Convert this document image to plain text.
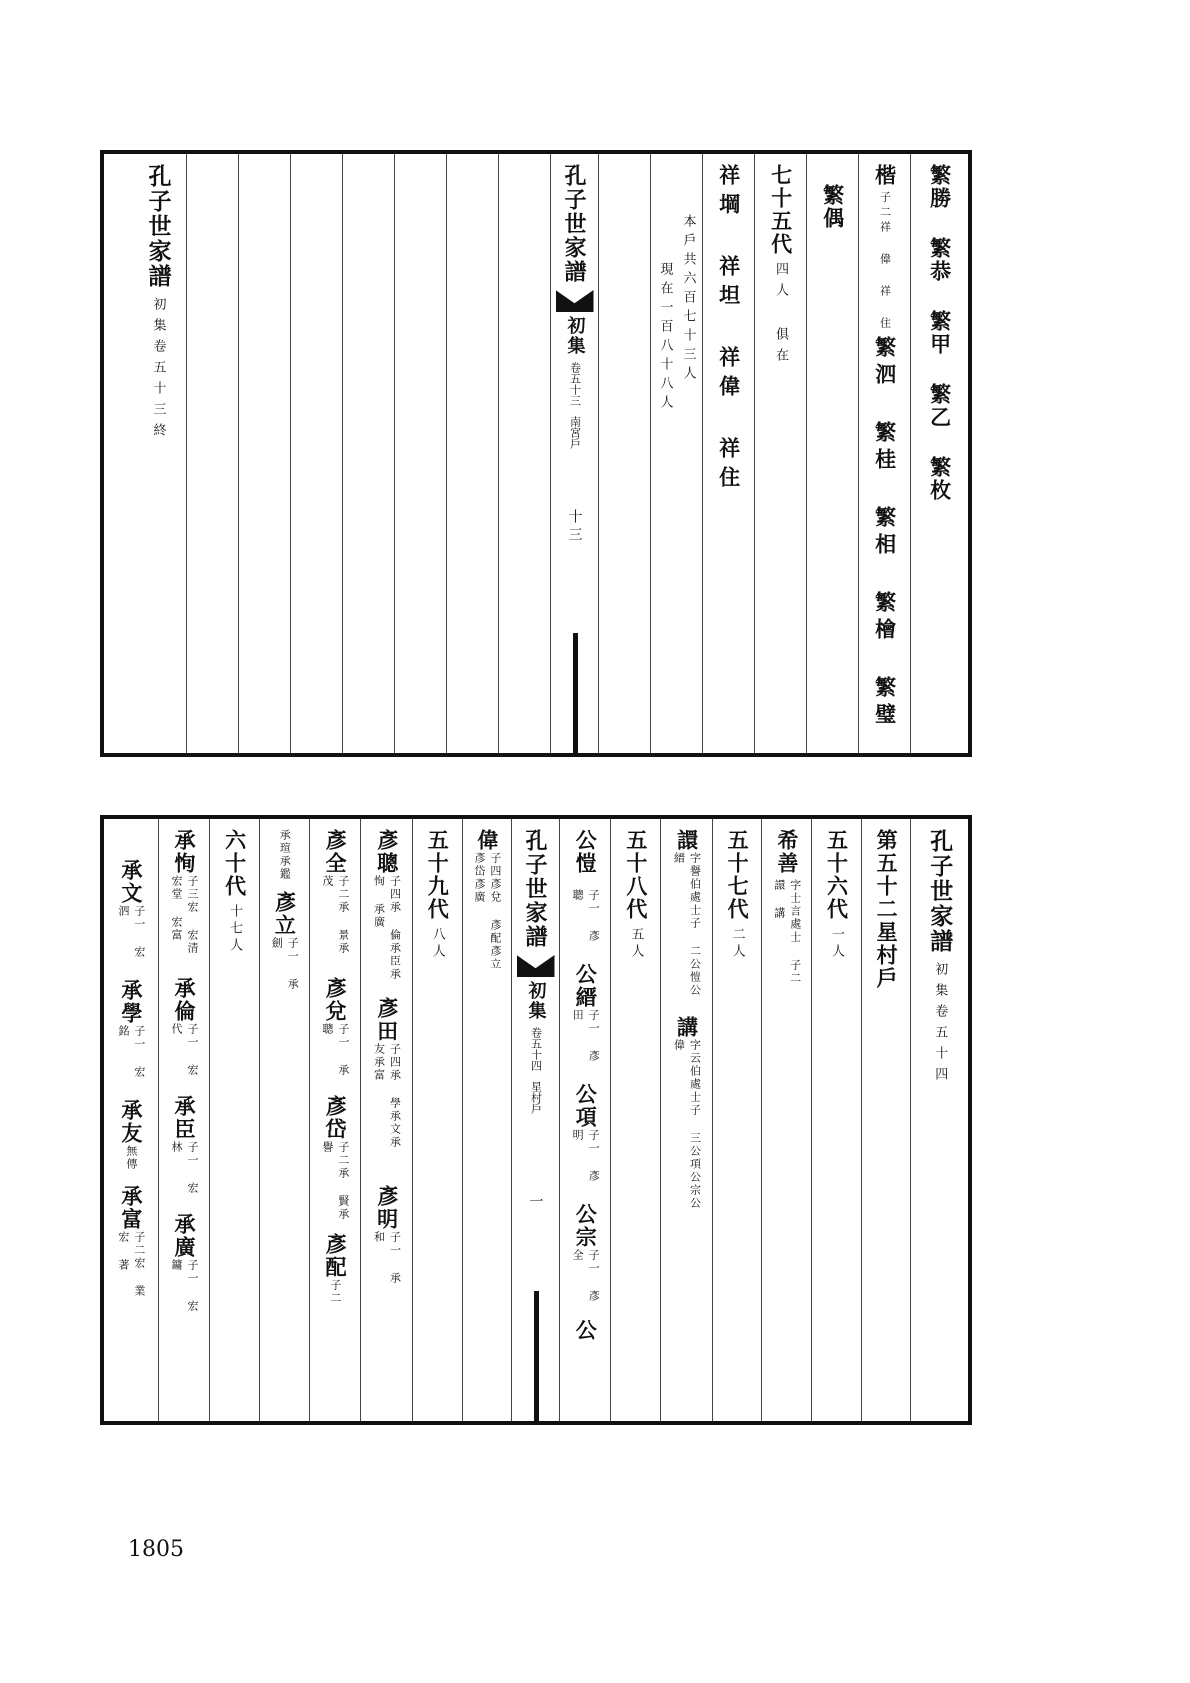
繁勝 繁恭 繁甲 繁乙 繁枚
楷
子二祥 偉 祥 住
繁泗 繁桂 繁相 繁檜 繁璧
繁偶
七十五代
四人 俱在
祥堈 祥坦 祥偉 祥住
本戶共六百七十三人
現在一百八十八人
孔子世家譜
初集
卷五十三
南宮戶
十三
孔子世家譜
初集卷五十三終
孔子世家譜
初集卷五十四
第五十二星村戶
五十六代
一人
希善
字士言處士 子二 譞 講
五十七代
二人
譞
字譽伯處士子 二公愷公縉
講
字云伯處士子 三公項公宗公偉
五十八代
五人
公愷
子一 彥聰
公縉
子一 彥田
公項
子一 彥明
公宗
子一 彥全
公
孔子世家譜
初集
卷五十四
星村戶
一
偉
子四彥兌 彥配彥立 彥岱彥廣
五十九代
八人
彥聰
子四承 倫承臣承恂 承廣
彥田
子四承 學承文承 友承富
彥明
子一 承和
彥全
子二承 景承茂
彥兌
子一 承聰
彥岱
子二承 賢承 譽
彥配
子二
承瑄
承鑑
彥立
子一 承劍
六十代
十七人
承恂
子三宏 宏清 宏堂 宏富
承倫
子一 宏代
承臣
子一 宏林
承廣
子一 宏鏞
承文
子一 宏泗
承學
子一 宏銘
承友
無傳
承富
子二宏 業宏 著
1805
